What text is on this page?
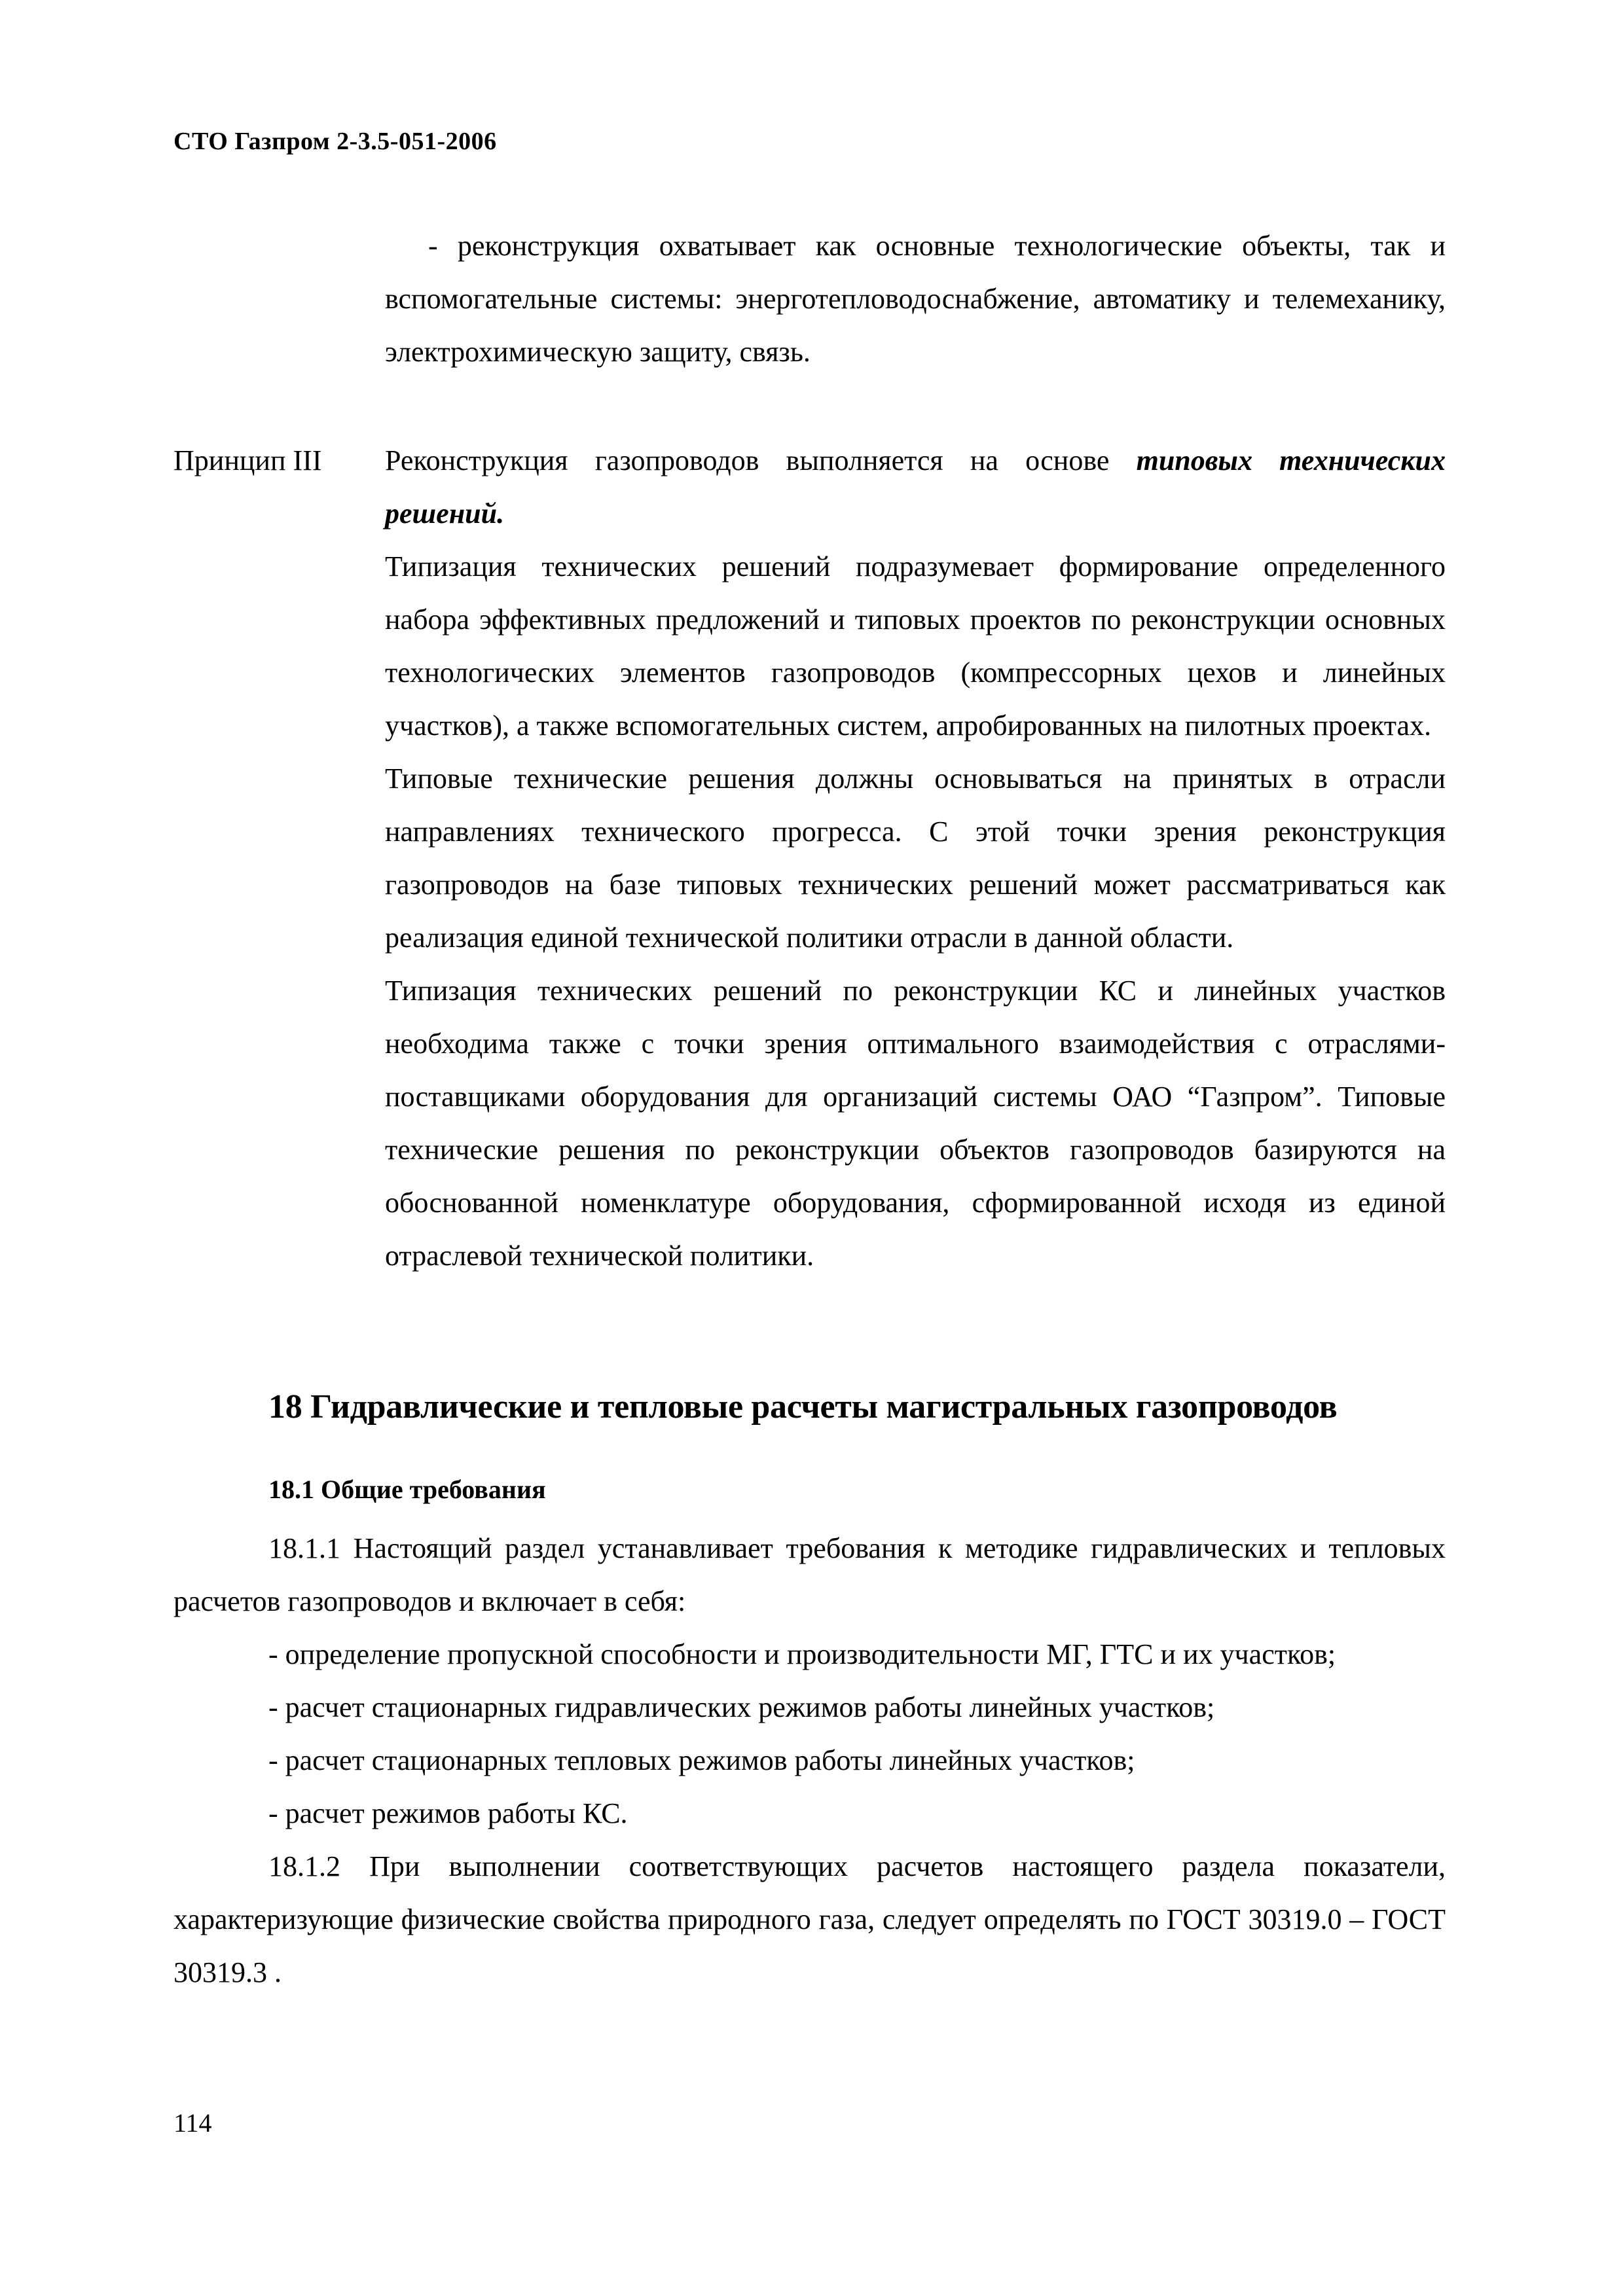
СТО Газпром 2-3.5-051-2006

- реконструкция охватывает как основные технологические объекты, так и вспомогательные системы: энерготепловодоснабжение, автоматику и телемеханику, электрохимическую защиту, связь.

Принцип III Реконструкция газопроводов выполняется на основе типовых технических решений.

Типизация технических решений подразумевает формирование определенного набора эффективных предложений и типовых проектов по реконструкции основных технологических элементов газопроводов (компрессорных цехов и линейных участков), а также вспомогательных систем, апробированных на пилотных проектах.

Типовые технические решения должны основываться на принятых в отрасли направлениях технического прогресса. С этой точки зрения реконструкция газопроводов на базе типовых технических решений может рассматриваться как реализация единой технической политики отрасли в данной области.

Типизация технических решений по реконструкции КС и линейных участков необходима также с точки зрения оптимального взаимодействия с отраслями-поставщиками оборудования для организаций системы ОАО “Газпром”. Типовые технические решения по реконструкции объектов газопроводов базируются на обоснованной номенклатуре оборудования, сформированной исходя из единой отраслевой технической политики.

18 Гидравлические и тепловые расчеты магистральных газопроводов
18.1 Общие требования

18.1.1 Настоящий раздел устанавливает требования к методике гидравлических и тепловых расчетов газопроводов и включает в себя:

- определение пропускной способности и производительности МГ, ГТС и их участков;

- расчет стационарных гидравлических режимов работы линейных участков;

- расчет стационарных тепловых режимов работы линейных участков;

- расчет режимов работы КС.

18.1.2 При выполнении соответствующих расчетов настоящего раздела показатели, характеризующие физические свойства природного газа, следует определять по ГОСТ 30319.0 – ГОСТ 30319.3 .

114
